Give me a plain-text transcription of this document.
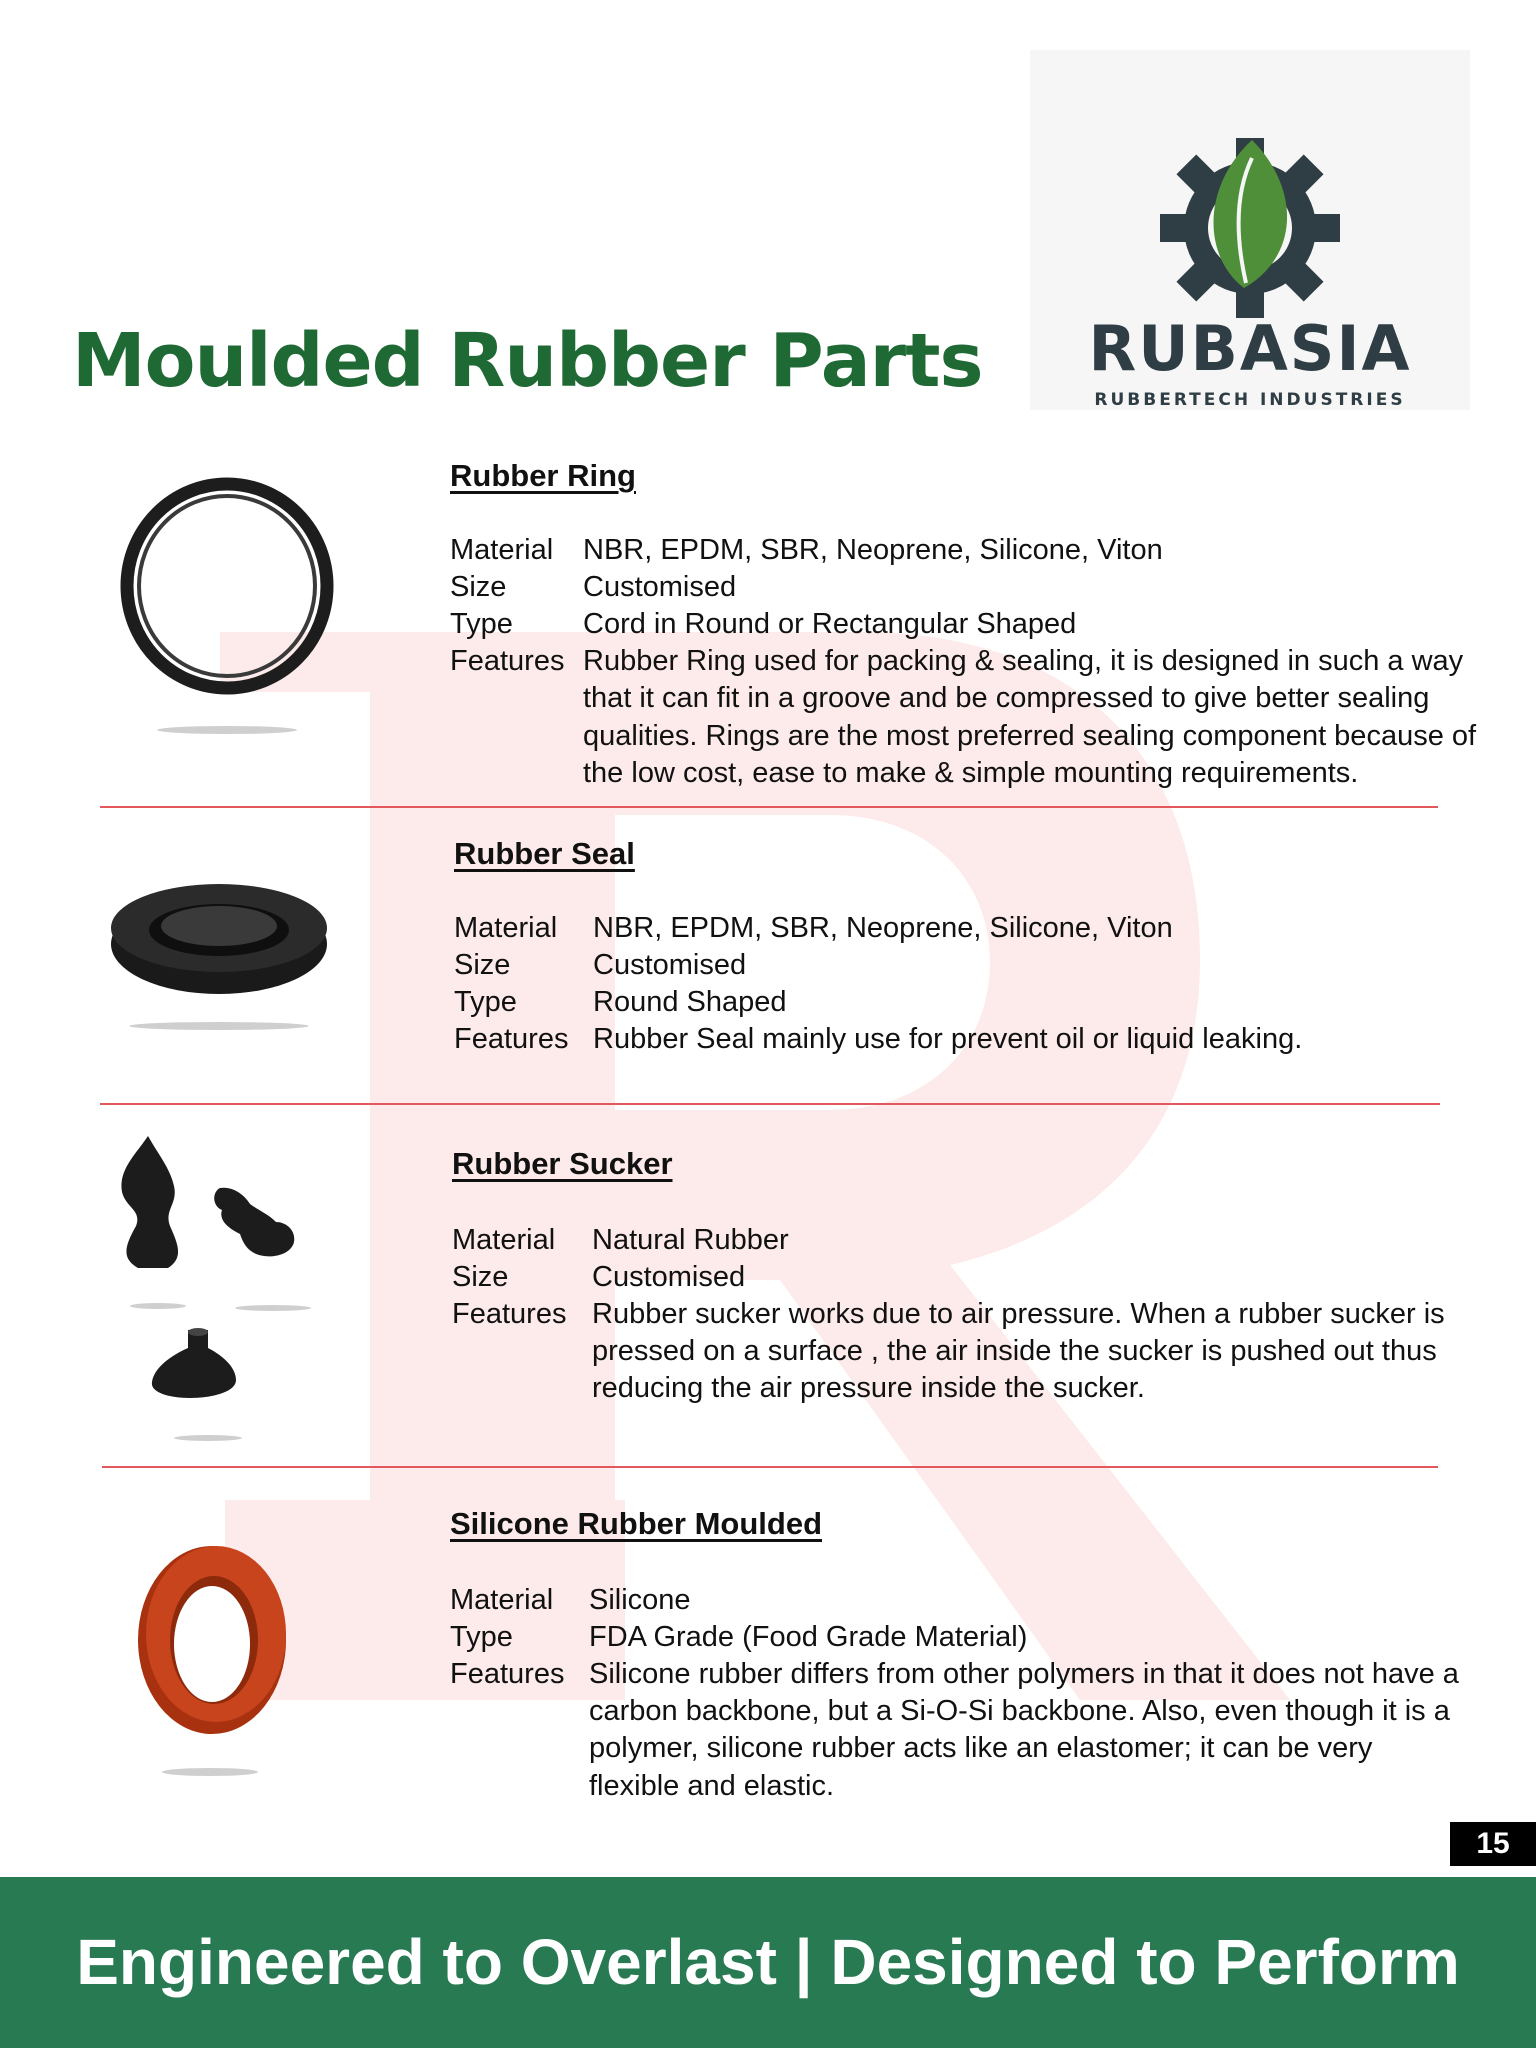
Moulded Rubber Parts	RUBASIA
RUBBERTECH INDUSTRIES
Rubber Ring
Material	NBR, EPDM, SBR, Neoprene, Silicone, Viton
Size	Customised
Type	Cord in Round or Rectangular Shaped
Features Rubber Ring used for packing & sealing, it is designed in such a way that it can fit in a groove and be compressed to give better sealing qualities. Rings are the most preferred sealing component because of the low cost, ease to make & simple mounting requirements.
Rubber Seal
Material	NBR, EPDM, SBR, Neoprene, Silicone, Viton
Size	Customised
Type	Round Shaped
Features Rubber Seal mainly use for prevent oil or liquid leaking.
Rubber Sucker
Material	Natural Rubber
Size	Customised
Features Rubber sucker works due to air pressure. When a rubber sucker is pressed on a surface , the air inside the sucker is pushed out thus reducing the air pressure inside the sucker.
Silicone Rubber Moulded
Material	Silicone
Type	FDA Grade (Food Grade Material)
Features Silicone rubber differs from other polymers in that it does not have a carbon backbone, but a Si-O-Si backbone. Also, even though it is a polymer, silicone rubber acts like an elastomer; it can be very flexible and elastic.
15
Engineered to Overlast | Designed to Perform
